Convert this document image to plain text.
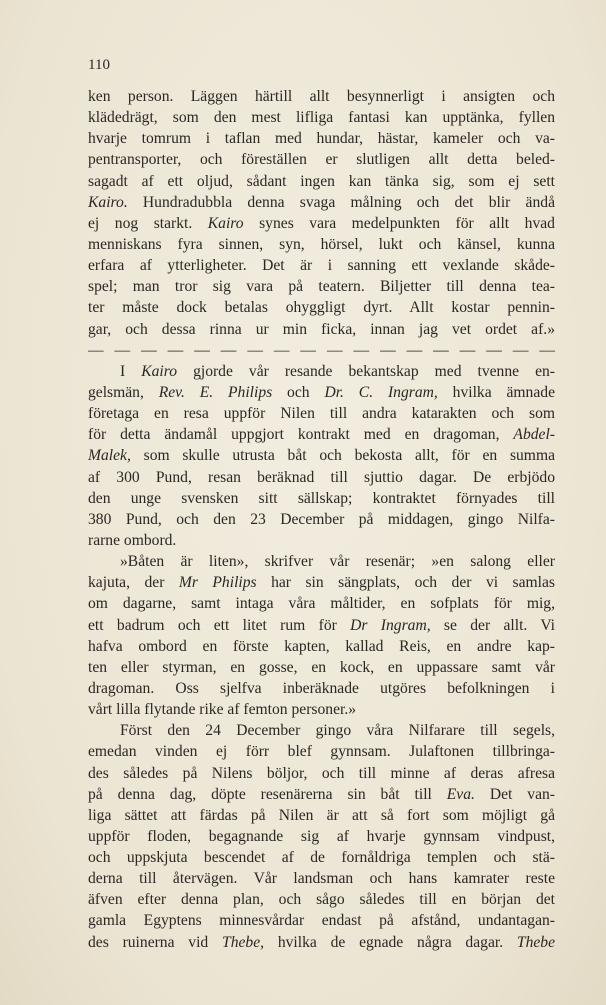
110
ken person. Läggen härtill allt besynnerligt i ansigten och
klädedrägt, som den mest lifliga fantasi kan upptänka, fyllen
hvarje tomrum i taflan med hundar, hästar, kameler och va-
pentransporter, och föreställen er slutligen allt detta beled-
sagadt af ett oljud, sådant ingen kan tänka sig, som ej sett
Kairo. Hundradubbla denna svaga målning och det blir ändå
ej nog starkt. Kairo synes vara medelpunkten för allt hvad
menniskans fyra sinnen, syn, hörsel, lukt och känsel, kunna
erfara af ytterligheter. Det är i sanning ett vexlande skåde-
spel; man tror sig vara på teatern. Biljetter till denna tea-
ter måste dock betalas ohyggligt dyrt. Allt kostar pennin-
gar, och dessa rinna ur min ficka, innan jag vet ordet af.»
— — — — — — — — — — — — — — — — — —
I Kairo gjorde vår resande bekantskap med tvenne en-
gelsmän, Rev. E. Philips och Dr. C. Ingram, hvilka ämnade
företaga en resa uppför Nilen till andra katarakten och som
för detta ändamål uppgjort kontrakt med en dragoman, Abdel-
Malek, som skulle utrusta båt och bekosta allt, för en summa
af 300 Pund, resan beräknad till sjuttio dagar. De erbjödo
den unge svensken sitt sällskap; kontraktet förnyades till
380 Pund, och den 23 December på middagen, gingo Nilfa-
rarne ombord.
»Båten är liten», skrifver vår resenär; »en salong eller
kajuta, der Mr Philips har sin sängplats, och der vi samlas
om dagarne, samt intaga våra måltider, en sofplats för mig,
ett badrum och ett litet rum för Dr Ingram, se der allt. Vi
hafva ombord en förste kapten, kallad Reis, en andre kap-
ten eller styrman, en gosse, en kock, en uppassare samt vår
dragoman. Oss sjelfva inberäknade utgöres befolkningen i
vårt lilla flytande rike af femton personer.»
Först den 24 December gingo våra Nilfarare till segels,
emedan vinden ej förr blef gynnsam. Julaftonen tillbringa-
des således på Nilens böljor, och till minne af deras afresa
på denna dag, döpte resenärerna sin båt till Eva. Det van-
liga sättet att färdas på Nilen är att så fort som möjligt gå
uppför floden, begagnande sig af hvarje gynnsam vindpust,
och uppskjuta bescendet af de fornåldriga templen och stä-
derna till återvägen. Vår landsman och hans kamrater reste
äfven efter denna plan, och sågo således till en början det
gamla Egyptens minnesvårdar endast på afstånd, undantagan-
des ruinerna vid Thebe, hvilka de egnade några dagar. Thebe
